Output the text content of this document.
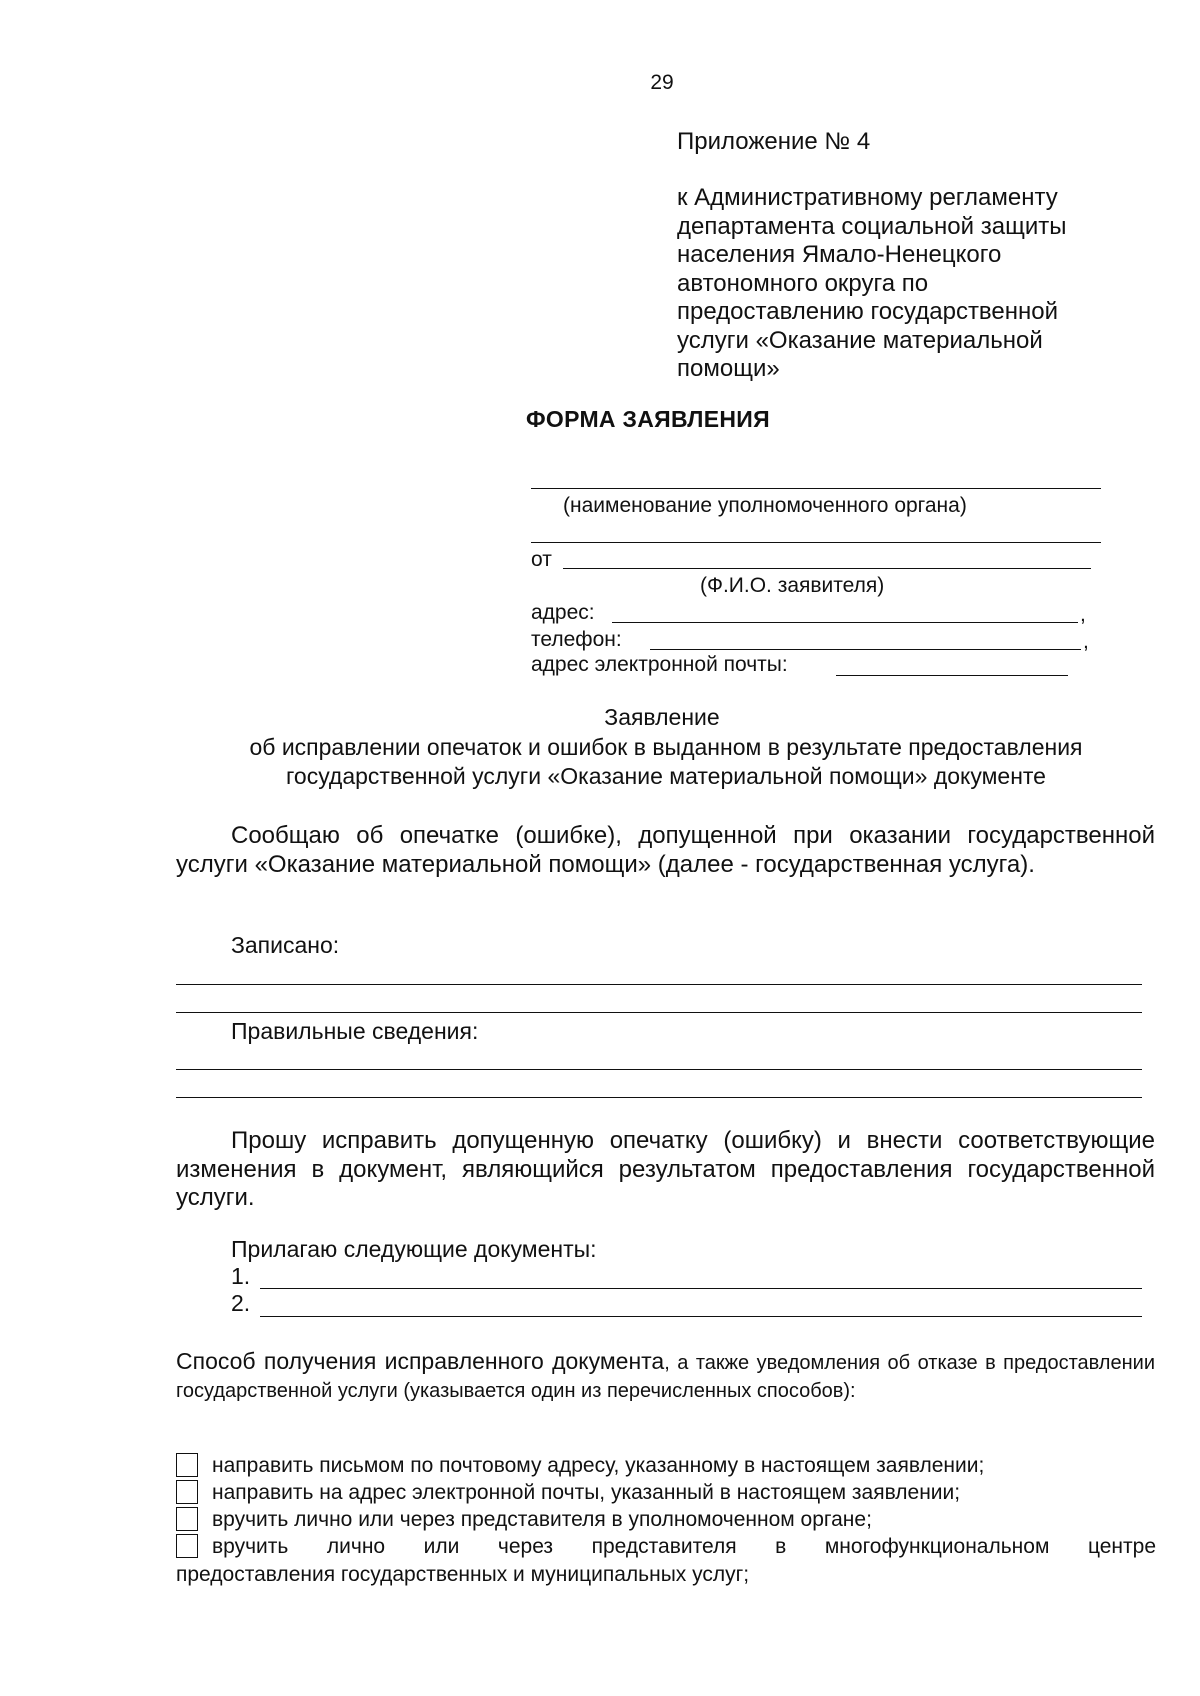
29
Приложение № 4
к Административному регламенту
департамента социальной защиты
населения Ямало-Ненецкого
автономного округа по
предоставлению государственной
услуги «Оказание материальной
помощи»
ФОРМА ЗАЯВЛЕНИЯ
(наименование уполномоченного органа)
от
(Ф.И.О. заявителя)
адрес:	,
телефон:	,
адрес электронной почты:
Заявление
об исправлении опечаток и ошибок в выданном в результате предоставления государственной услуги «Оказание материальной помощи» документе
Сообщаю об опечатке (ошибке), допущенной при оказании государственной услуги «Оказание материальной помощи» (далее - государственная услуга).
Записано:
Правильные сведения:
Прошу исправить допущенную опечатку (ошибку) и внести соответствующие изменения в документ, являющийся результатом предоставления государственной услуги.
Прилагаю следующие документы:
1.
2.
Способ получения исправленного документа, а также уведомления об отказе в предоставлении государственной услуги (указывается один из перечисленных способов):
направить письмом по почтовому адресу, указанному в настоящем заявлении;
направить на адрес электронной почты, указанный в настоящем заявлении;
вручить лично или через представителя в уполномоченном органе;
вручить лично или через представителя в многофункциональном центре
предоставления государственных и муниципальных услуг;
